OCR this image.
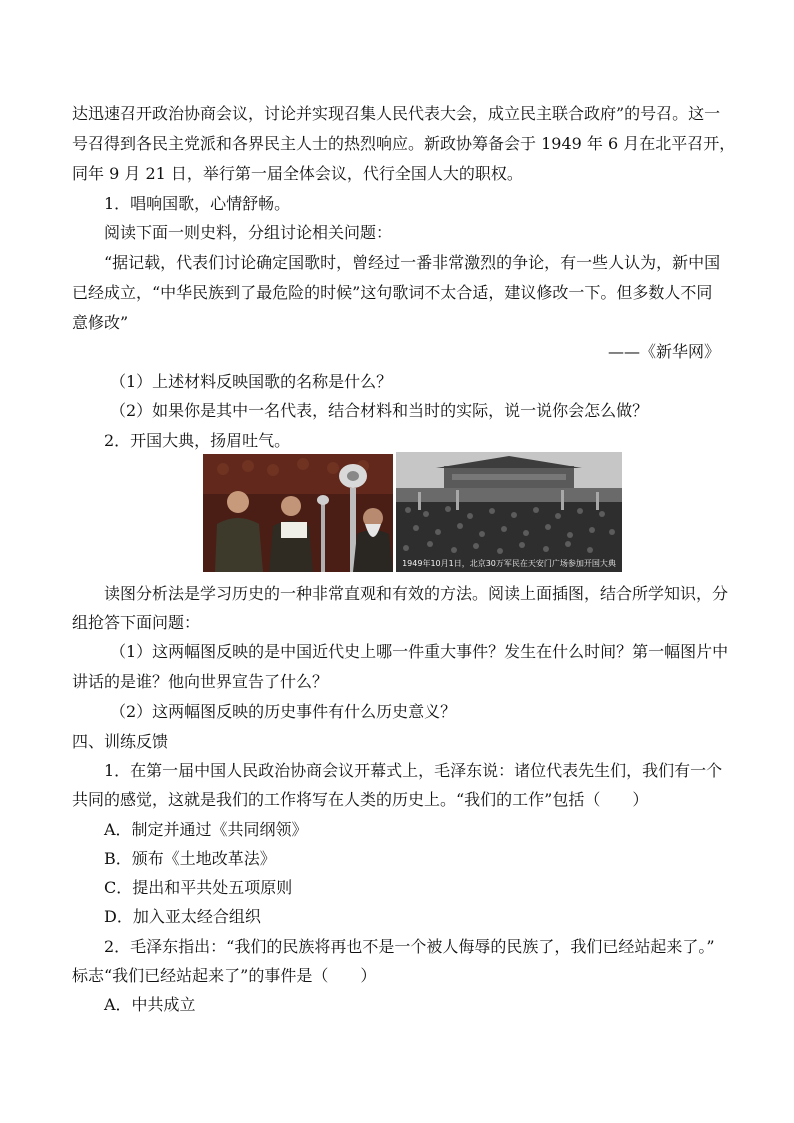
达迅速召开政治协商会议，讨论并实现召集人民代表大会，成立民主联合政府”的号召。这一
号召得到各民主党派和各界民主人士的热烈响应。新政协筹备会于 1949 年 6 月在北平召开，
同年 9 月 21 日，举行第一届全体会议，代行全国人大的职权。
1．唱响国歌，心情舒畅。
阅读下面一则史料，分组讨论相关问题：
“据记载，代表们讨论确定国歌时，曾经过一番非常激烈的争论，有一些人认为，新中国
已经成立，“中华民族到了最危险的时候”这句歌词不太合适，建议修改一下。但多数人不同
意修改”
——《新华网》
（1）上述材料反映国歌的名称是什么？
（2）如果你是其中一名代表，结合材料和当时的实际，说一说你会怎么做？
2．开国大典，扬眉吐气。
1949年10月1日，北京30万军民在天安门广场参加开国大典
读图分析法是学习历史的一种非常直观和有效的方法。阅读上面插图，结合所学知识，分
组抢答下面问题：
（1）这两幅图反映的是中国近代史上哪一件重大事件？发生在什么时间？第一幅图片中
讲话的是谁？他向世界宣告了什么？
（2）这两幅图反映的历史事件有什么历史意义？
四、训练反馈
1．在第一届中国人民政治协商会议开幕式上，毛泽东说：诸位代表先生们，我们有一个
共同的感觉，这就是我们的工作将写在人类的历史上。“我们的工作”包括（　　）
A．制定并通过《共同纲领》
B．颁布《土地改革法》
C．提出和平共处五项原则
D．加入亚太经合组织
2．毛泽东指出：“我们的民族将再也不是一个被人侮辱的民族了，我们已经站起来了。”
标志“我们已经站起来了”的事件是（　　）
A．中共成立
